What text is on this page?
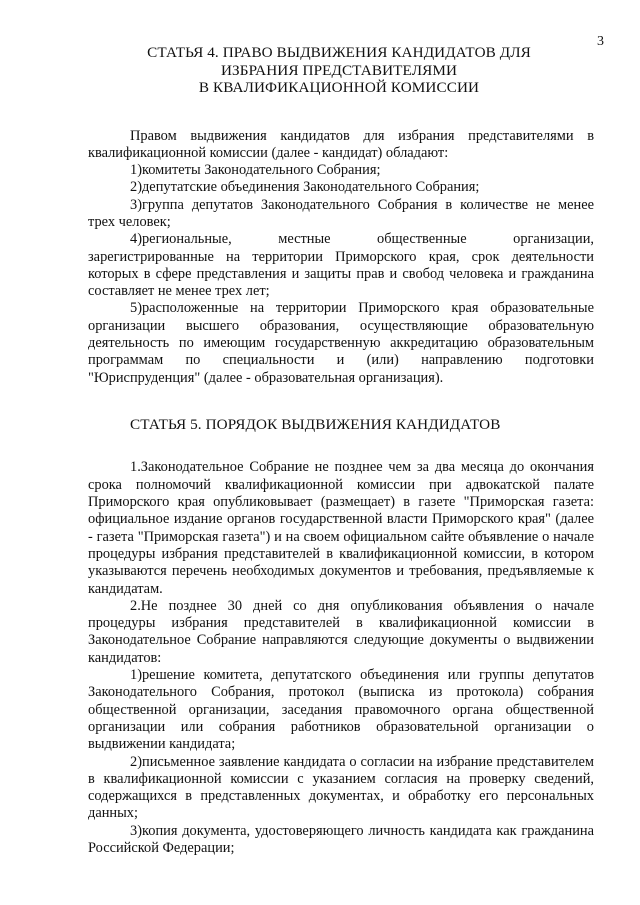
3
СТАТЬЯ 4. ПРАВО ВЫДВИЖЕНИЯ КАНДИДАТОВ ДЛЯ
ИЗБРАНИЯ ПРЕДСТАВИТЕЛЯМИ
В КВАЛИФИКАЦИОННОЙ КОМИССИИ

Правом выдвижения кандидатов для избрания представителями в квалификационной комиссии (далее - кандидат) обладают:

1)комитеты Законодательного Собрания;

2)депутатские объединения Законодательного Собрания;

3)группа депутатов Законодательного Собрания в количестве не менее трех человек;

4)региональные, местные общественные организации, зарегистрированные на территории Приморского края, срок деятельности которых в сфере представления и защиты прав и свобод человека и гражданина составляет не менее трех лет;

5)расположенные на территории Приморского края образовательные организации высшего образования, осуществляющие образовательную деятельность по имеющим государственную аккредитацию образовательным программам по специальности и (или) направлению подготовки "Юриспруденция" (далее - образовательная организация).

СТАТЬЯ 5. ПОРЯДОК ВЫДВИЖЕНИЯ КАНДИДАТОВ

1.Законодательное Собрание не позднее чем за два месяца до окончания срока полномочий квалификационной комиссии при адвокатской палате Приморского края опубликовывает (размещает) в газете "Приморская газета: официальное издание органов государственной власти Приморского края" (далее - газета "Приморская газета") и на своем официальном сайте объявление о начале процедуры избрания представителей в квалификационной комиссии, в котором указываются перечень необходимых документов и требования, предъявляемые к кандидатам.

2.Не позднее 30 дней со дня опубликования объявления о начале процедуры избрания представителей в квалификационной комиссии в Законодательное Собрание направляются следующие документы о выдвижении кандидатов:

1)решение комитета, депутатского объединения или группы депутатов Законодательного Собрания, протокол (выписка из протокола) собрания общественной организации, заседания правомочного органа общественной организации или собрания работников образовательной организации о выдвижении кандидата;

2)письменное заявление кандидата о согласии на избрание представителем в квалификационной комиссии с указанием согласия на проверку сведений, содержащихся в представленных документах, и обработку его персональных данных;

3)копия документа, удостоверяющего личность кандидата как гражданина Российской Федерации;
